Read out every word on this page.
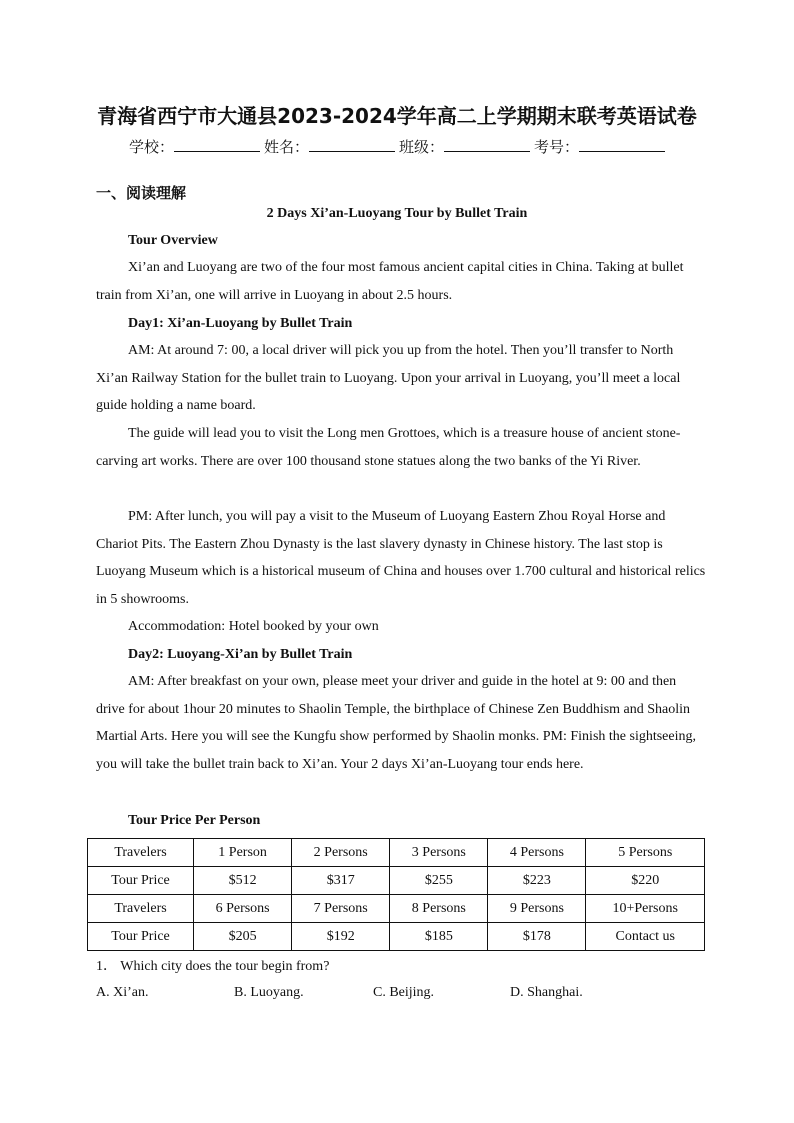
青海省西宁市大通县2023-2024学年高二上学期期末联考英语试卷
学校：	姓名：	班级：	考号：
一、阅读理解
2 Days Xi’an-Luoyang Tour by Bullet Train
Tour Overview
Xi’an and Luoyang are two of the four most famous ancient capital cities in China. Taking at bullet train from Xi’an, one will arrive in Luoyang in about 2.5 hours.
Day1: Xi’an-Luoyang by Bullet Train
AM: At around 7: 00, a local driver will pick you up from the hotel. Then you’ll transfer to North Xi’an Railway Station for the bullet train to Luoyang. Upon your arrival in Luoyang, you’ll meet a local guide holding a name board.
The guide will lead you to visit the Long men Grottoes, which is a treasure house of ancient stone-carving art works. There are over 100 thousand stone statues along the two banks of the Yi River.
PM: After lunch, you will pay a visit to the Museum of Luoyang Eastern Zhou Royal Horse and Chariot Pits. The Eastern Zhou Dynasty is the last slavery dynasty in Chinese history. The last stop is Luoyang Museum which is a historical museum of China and houses over 1.700 cultural and historical relics in 5 showrooms.
Accommodation: Hotel booked by your own
Day2: Luoyang-Xi’an by Bullet Train
AM: After breakfast on your own, please meet your driver and guide in the hotel at 9: 00 and then drive for about 1hour 20 minutes to Shaolin Temple, the birthplace of Chinese Zen Buddhism and Shaolin Martial Arts. Here you will see the Kungfu show performed by Shaolin monks. PM: Finish the sightseeing, you will take the bullet train back to Xi’an. Your 2 days Xi’an-Luoyang tour ends here.
Tour Price Per Person
Travelers	1 Person	2 Persons	3 Persons	4 Persons	5 Persons
Tour Price	$512	$317	$255	$223	$220
Travelers	6 Persons	7 Persons	8 Persons	9 Persons	10+Persons
Tour Price	$205	$192	$185	$178	Contact us
1． Which city does the tour begin from?
A. Xi’an.	B. Luoyang.	C. Beijing.	D. Shanghai.
